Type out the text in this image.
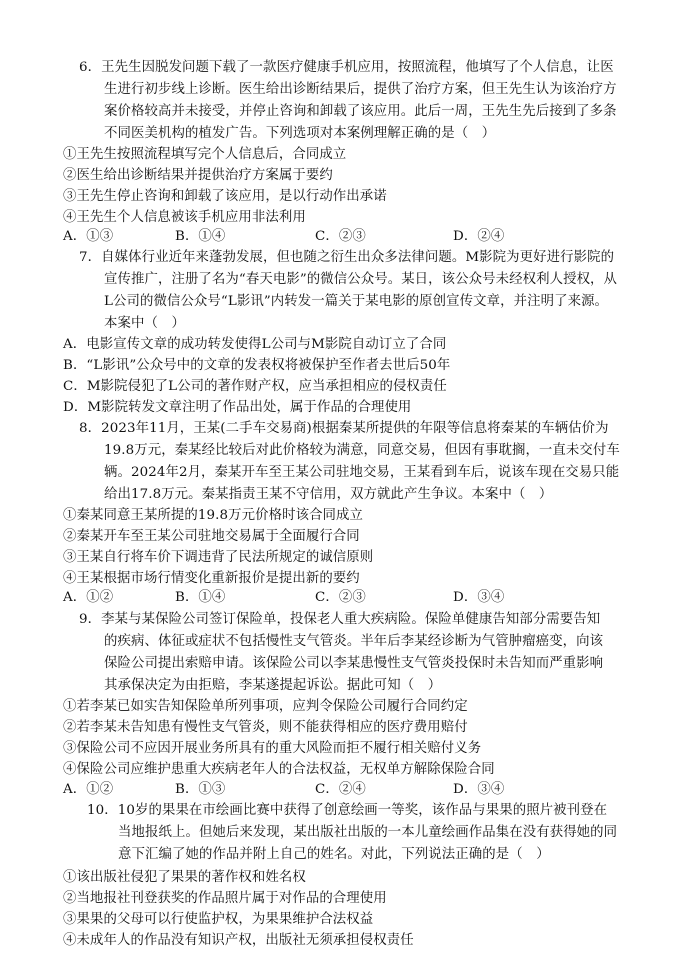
6．王先生因脱发问题下载了一款医疗健康手机应用，按照流程，他填写了个人信息，让医
生进行初步线上诊断。医生给出诊断结果后，提供了治疗方案，但王先生认为该治疗方
案价格较高并未接受，并停止咨询和卸载了该应用。此后一周，王先生先后接到了多条
不同医美机构的植发广告。下列选项对本案例理解正确的是（　）
①王先生按照流程填写完个人信息后，合同成立
②医生给出诊断结果并提供治疗方案属于要约
③王先生停止咨询和卸载了该应用，是以行动作出承诺
④王先生个人信息被该手机应用非法利用
A．①③	B．①④	C．②③	D．②④
7．自媒体行业近年来蓬勃发展，但也随之衍生出众多法律问题。M影院为更好进行影院的
宣传推广，注册了名为“春天电影”的微信公众号。某日，该公众号未经权利人授权，从
L公司的微信公众号“L影讯”内转发一篇关于某电影的原创宣传文章，并注明了来源。
本案中（　）
A．电影宣传文章的成功转发使得L公司与M影院自动订立了合同
B．“L影讯”公众号中的文章的发表权将被保护至作者去世后50年
C．M影院侵犯了L公司的著作财产权，应当承担相应的侵权责任
D．M影院转发文章注明了作品出处，属于作品的合理使用
8．2023年11月，王某(二手车交易商)根据秦某所提供的年限等信息将秦某的车辆估价为
19.8万元，秦某经比较后对此价格较为满意，同意交易，但因有事耽搁，一直未交付车
辆。2024年2月，秦某开车至王某公司驻地交易，王某看到车后，说该车现在交易只能
给出17.8万元。秦某指责王某不守信用，双方就此产生争议。本案中（　）
①秦某同意王某所提的19.8万元价格时该合同成立
②秦某开车至王某公司驻地交易属于全面履行合同
③王某自行将车价下调违背了民法所规定的诚信原则
④王某根据市场行情变化重新报价是提出新的要约
A．①②	B．①④	C．②③	D．③④
9．李某与某保险公司签订保险单，投保老人重大疾病险。保险单健康告知部分需要告知
的疾病、体征或症状不包括慢性支气管炎。半年后李某经诊断为气管肿瘤癌变，向该
保险公司提出索赔申请。该保险公司以李某患慢性支气管炎投保时未告知而严重影响
其承保决定为由拒赔，李某遂提起诉讼。据此可知（　）
①若李某已如实告知保险单所列事项，应判令保险公司履行合同约定
②若李某未告知患有慢性支气管炎，则不能获得相应的医疗费用赔付
③保险公司不应因开展业务所具有的重大风险而拒不履行相关赔付义务
④保险公司应维护患重大疾病老年人的合法权益，无权单方解除保险合同
A．①②	B．①③	C．②④	D．③④
10．10岁的果果在市绘画比赛中获得了创意绘画一等奖，该作品与果果的照片被刊登在
当地报纸上。但她后来发现，某出版社出版的一本儿童绘画作品集在没有获得她的同
意下汇编了她的作品并附上自己的姓名。对此，下列说法正确的是（　）
①该出版社侵犯了果果的著作权和姓名权
②当地报社刊登获奖的作品照片属于对作品的合理使用
③果果的父母可以行使监护权，为果果维护合法权益
④未成年人的作品没有知识产权，出版社无须承担侵权责任
